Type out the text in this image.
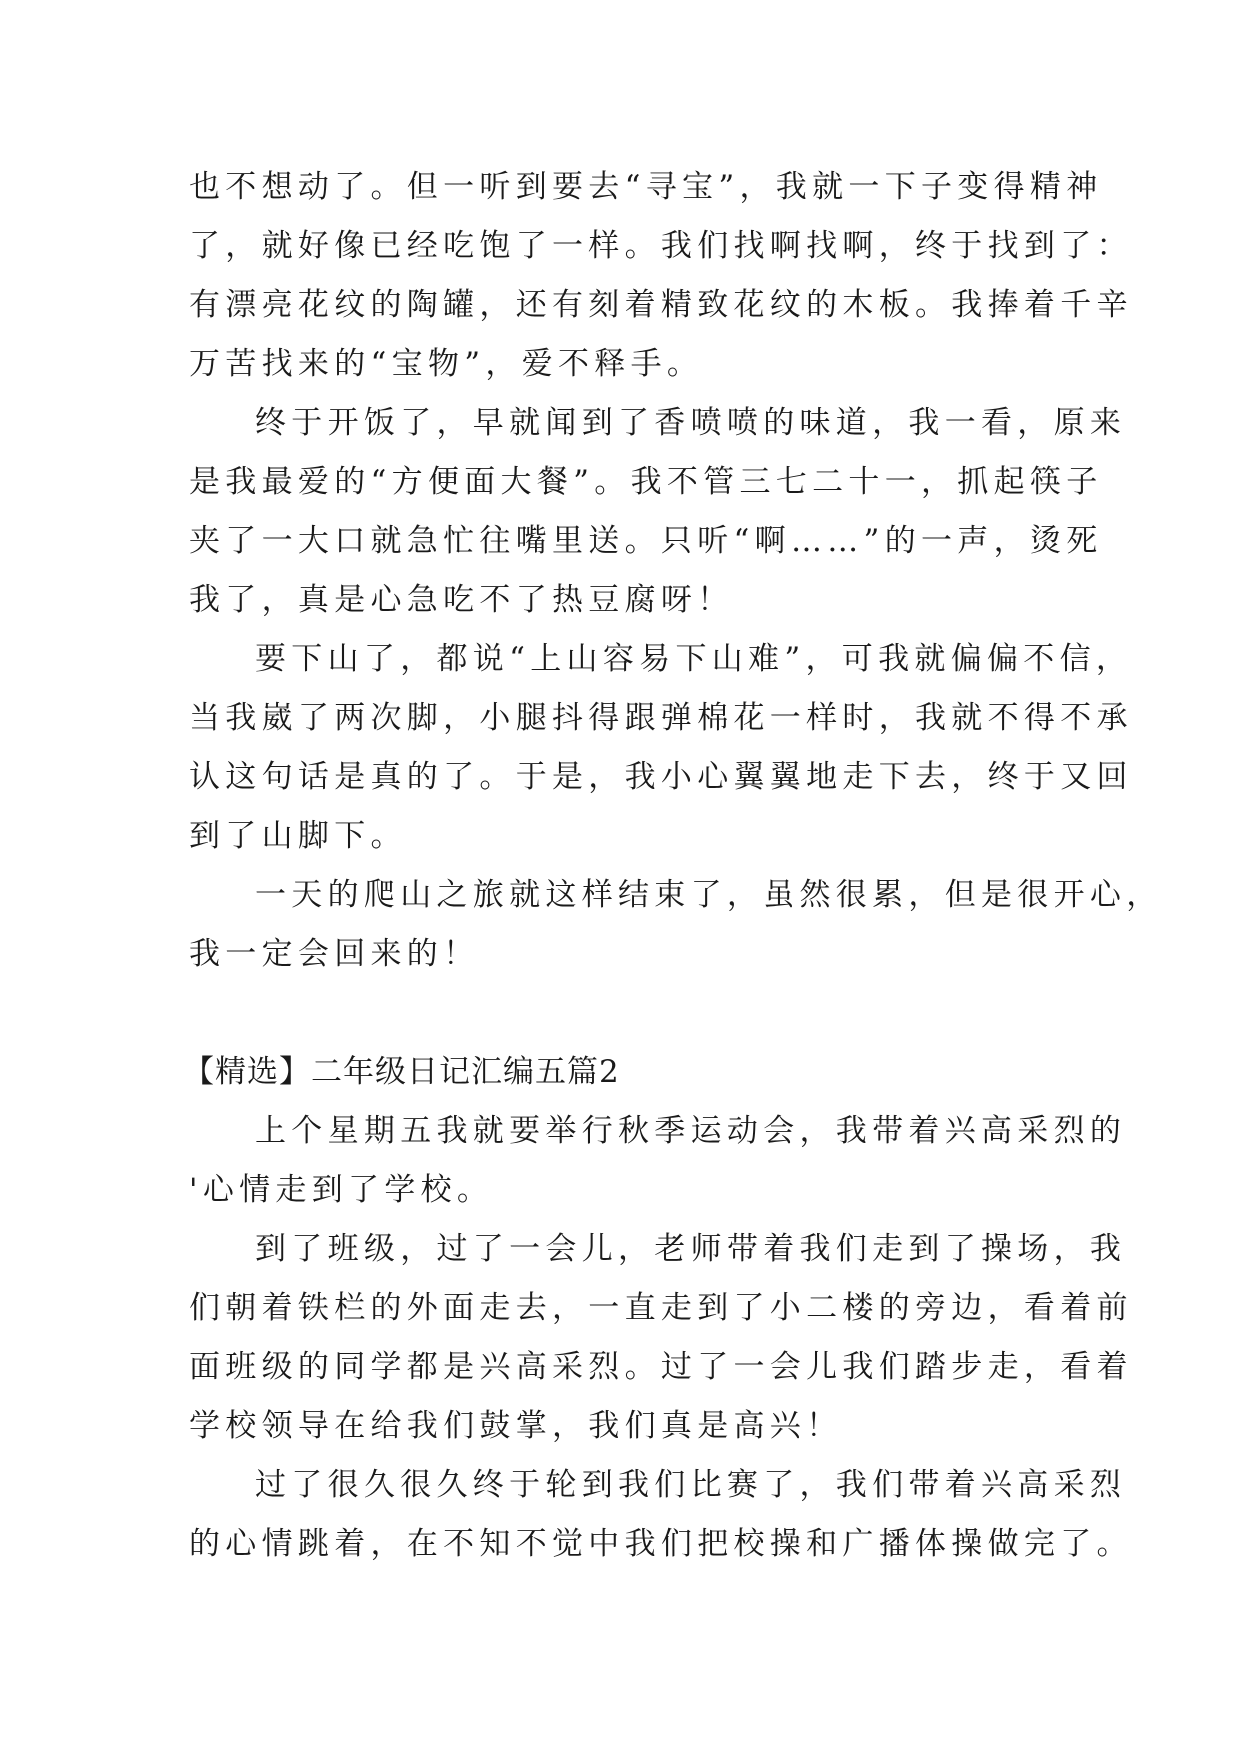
也不想动了。但一听到要去“寻宝”，我就一下子变得精神
了，就好像已经吃饱了一样。我们找啊找啊，终于找到了：
有漂亮花纹的陶罐，还有刻着精致花纹的木板。我捧着千辛
万苦找来的“宝物”，爱不释手。
终于开饭了，早就闻到了香喷喷的味道，我一看，原来
是我最爱的“方便面大餐”。我不管三七二十一，抓起筷子
夹了一大口就急忙往嘴里送。只听“啊……”的一声，烫死
我了，真是心急吃不了热豆腐呀！
要下山了，都说“上山容易下山难”，可我就偏偏不信，
当我崴了两次脚，小腿抖得跟弹棉花一样时，我就不得不承
认这句话是真的了。于是，我小心翼翼地走下去，终于又回
到了山脚下。
一天的爬山之旅就这样结束了，虽然很累，但是很开心，
我一定会回来的！
【精选】二年级日记汇编五篇2
上个星期五我就要举行秋季运动会，我带着兴高采烈的
'心情走到了学校。
到了班级，过了一会儿，老师带着我们走到了操场，我
们朝着铁栏的外面走去，一直走到了小二楼的旁边，看着前
面班级的同学都是兴高采烈。过了一会儿我们踏步走，看着
学校领导在给我们鼓掌，我们真是高兴！
过了很久很久终于轮到我们比赛了，我们带着兴高采烈
的心情跳着，在不知不觉中我们把校操和广播体操做完了。
